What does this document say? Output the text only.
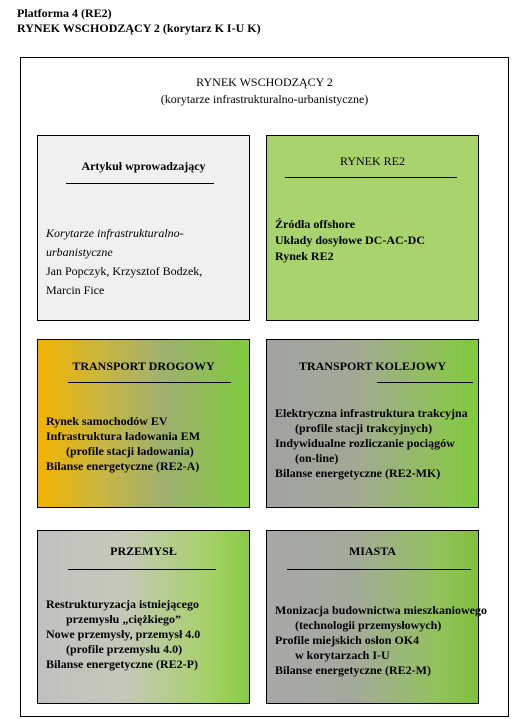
Platforma 4 (RE2)
RYNEK WSCHODZĄCY 2 (korytarz K I-U K)
RYNEK WSCHODZĄCY 2
(korytarze infrastrukturalno-urbanistyczne)
Artykuł wprowadzający
Korytarze infrastrukturalno-
urbanistyczne
Jan Popczyk, Krzysztof Bodzek,
Marcin Fice
RYNEK RE2
Źródła offshore
Układy dosyłowe DC-AC-DC
Rynek RE2
TRANSPORT DROGOWY
Rynek samochodów EV
Infrastruktura ładowania EM
(profile stacji ładowania)
Bilanse energetyczne (RE2-A)
TRANSPORT KOLEJOWY
Elektryczna infrastruktura trakcyjna
(profile stacji trakcyjnych)
Indywidualne rozliczanie pociągów
(on-line)
Bilanse energetyczne (RE2-MK)
PRZEMYSŁ
Restrukturyzacja istniejącego
przemysłu „ciężkiego”
Nowe przemysły, przemysł 4.0
(profile przemysłu 4.0)
Bilanse energetyczne (RE2-P)
MIASTA
Monizacja budownictwa mieszkaniowego
(technologii przemysłowych)
Profile miejskich osłon OK4
w korytarzach I-U
Bilanse energetyczne (RE2-M)
